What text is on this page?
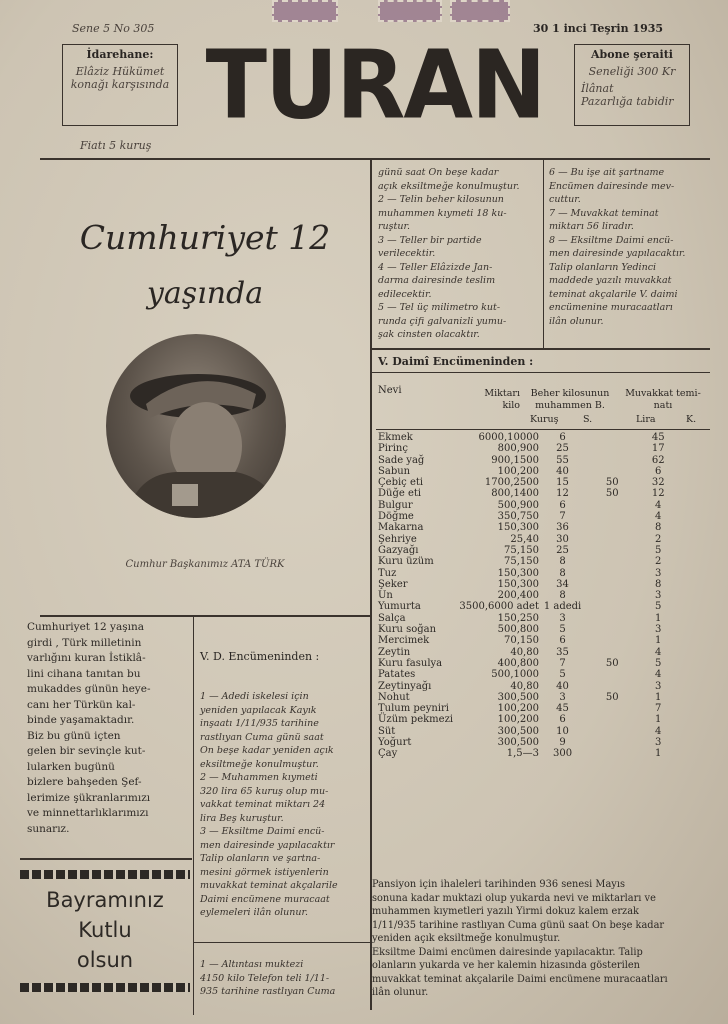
Sene 5 No 305	30 1 inci Teşrin 1935
İdarehane:
Elâziz Hükümet
konağı karşısında
Fiatı 5 kuruş
TURAN	Abone şeraiti
Seneliği 300 Kr
İlânat
Pazarlığa tabidir
Cumhuriyet 12
yaşında
Cumhur Başkanımız ATA TÜRK
Cumhuriyet 12 yaşına
girdi , Türk milletinin
varlığını kuran İstiklâ-
lini cihana tanıtan bu
mukaddes günün heye-
canı her Türkün kal-
binde yaşamaktadır.
Biz bu günü içten
gelen bir sevinçle kut-
lularken bugünü
bizlere bahşeden Şef-
lerimize şükranlarımızı
ve minnettarlıklarımızı
sunarız.
Bayramınız
Kutlu
olsun
V. D. Encümeninden :
1 — Adedi iskelesi için
yeniden yapılacak Kayık
inşaatı 1/11/935 tarihine
rastlıyan Cuma günü saat
On beşe kadar yeniden açık
eksiltmeğe konulmuştur.
2 — Muhammen kıymeti
320 lira 65 kuruş olup mu-
vakkat teminat miktarı 24
lira Beş kuruştur.
3 — Eksiltme Daimi encü-
men dairesinde yapılacaktır
Talip olanların ve şartna-
mesini görmek istiyenlerin
muvakkat teminat akçalarile
Daimi encümene muracaat
eylemeleri ilân olunur.
1 — Altıntası muktezi
4150 kilo Telefon teli 1/11-
935 tarihine rastlıyan Cuma
günü saat On beşe kadar
açık eksiltmeğe konulmuştur.
2 — Telin beher kilosunun
muhammen kıymeti 18 ku-
ruştur.
3 — Teller bir partide
verilecektir.
4 — Teller Elâzizde Jan-
darma dairesinde teslim
edilecektir.
5 — Tel üç milimetro kut-
runda çifi galvanizli yumu-
şak cinsten olacaktır.
6 — Bu işe ait şartname
Encümen dairesinde mev-
cuttur.
7 — Muvakkat teminat
miktarı 56 liradır.
8 — Eksiltme Daimi encü-
men dairesinde yapılacaktır.
Talip olanların Yedinci
maddede yazılı muvakkat
teminat akçalarile V. daimi
encümenine muracaatları
ilân olunur.
V. Daimî Encümeninden :
Nevi	Miktarı
kilo
Beher kilosunun
muhammen B.
Muvakkat temi-
natı
Kuruş	S.	Lira	K.
Ekmek	6000,10000	6		45
Pirinç	800,900	25		17
Sade yağ	900,1500	55		62
Sabun	100,200	40		6
Çebiç eti	1700,2500	15	50	32
Düğe eti	800,1400	12	50	12
Bulgur	500,900	6		4
Döğme	350,750	7		4
Makarna	150,300	36		8
Şehriye	25,40	30		2
Gazyağı	75,150	25		5
Kuru üzüm	75,150	8		2
Tuz	150,300	8		3
Şeker	150,300	34		8
Un	200,400	8		3
Yumurta	3500,6000 adet	1 adedi		5
Salça	150,250	3		1
Kuru soğan	500,800	5		3
Mercimek	70,150	6		1
Zeytin	40,80	35		4
Kuru fasulya	400,800	7	50	5
Patates	500,1000	5		4
Zeytinyağı	40,80	40		3
Nohut	300,500	3	50	1
Tulum peyniri	100,200	45		7
Üzüm pekmezi	100,200	6		1
Süt	300,500	10		4
Yoğurt	300,500	9		3
Çay	1,5—3	300		1
Pansiyon için ihaleleri tarihinden 936 senesi Mayıs
sonuna kadar muktazi olup yukarda nevi ve miktarları ve
muhammen kıymetleri yazılı Yirmi dokuz kalem erzak
1/11/935 tarihine rastlıyan Cuma günü saat On beşe kadar
yeniden açık eksiltmeğe konulmuştur.
Eksiltme Daimi encümen dairesinde yapılacaktır. Talip
olanların yukarda ve her kalemin hizasında gösterilen
muvakkat teminat akçalarile Daimi encümene muracaatları
ilân olunur.
